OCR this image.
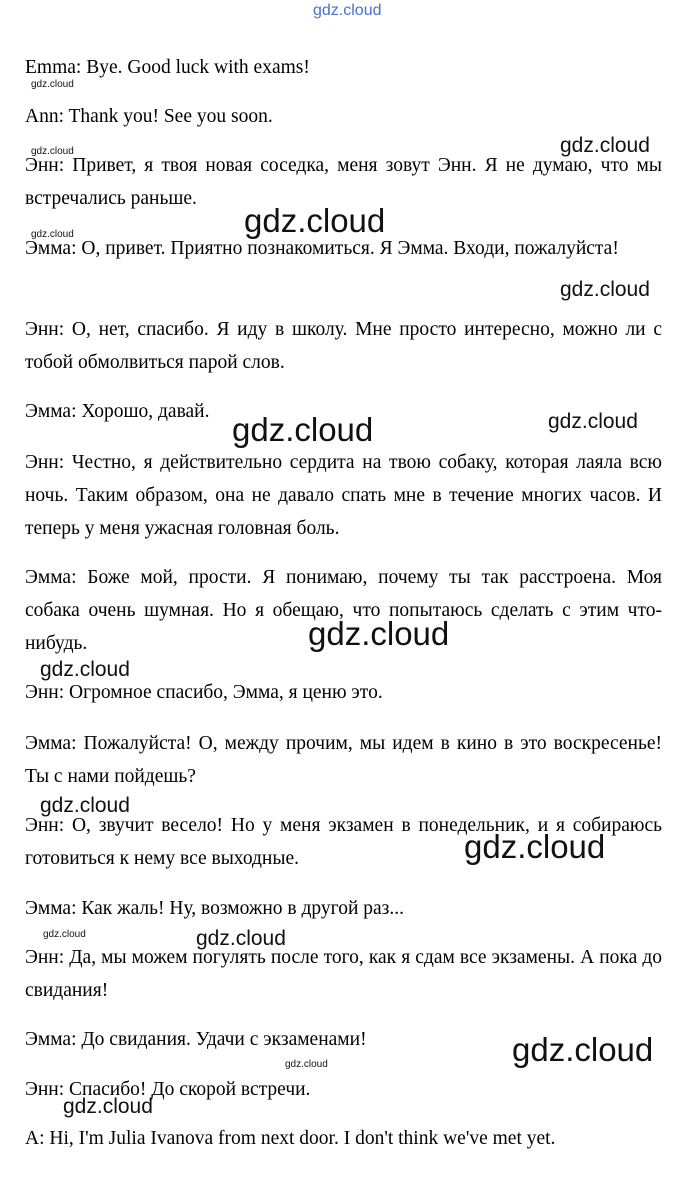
Emma: Bye. Good luck with exams!

Ann: Thank you! See you soon.

Энн: Привет, я твоя новая соседка, меня зовут Энн. Я не думаю, что мы встречались раньше.

Эмма: О, привет. Приятно познакомиться. Я Эмма. Входи, пожалуйста!

Энн: О, нет, спасибо. Я иду в школу. Мне просто интересно, можно ли с тобой обмолвиться парой слов.

Эмма: Хорошо, давай.

Энн: Честно, я действительно сердита на твою собаку, которая лаяла всю ночь. Таким образом, она не давало спать мне в течение многих часов. И теперь у меня ужасная головная боль.

Эмма: Боже мой, прости. Я понимаю, почему ты так расстроена. Моя собака очень шумная. Но я обещаю, что попытаюсь сделать с этим что-нибудь.

Энн: Огромное спасибо, Эмма, я ценю это.

Эмма: Пожалуйста! О, между прочим, мы идем в кино в это воскресенье! Ты с нами пойдешь?

Энн: О, звучит весело! Но у меня экзамен в понедельник, и я собираюсь готовиться к нему все выходные.

Эмма: Как жаль! Ну, возможно в другой раз...

Энн: Да, мы можем погулять после того, как я сдам все экзамены. А пока до свидания!

Эмма: До свидания. Удачи с экзаменами!

Энн: Спасибо! До скорой встречи.

A: Hi, I'm Julia Ivanova from next door. I don't think we've met yet.

gdz.cloud
gdz.cloud
gdz.cloud
gdz.cloud
gdz.cloud
gdz.cloud
gdz.cloud
gdz.cloud
gdz.cloud
gdz.cloud
gdz.cloud
gdz.cloud
gdz.cloud
gdz.cloud	gdz.cloud
gdz.cloud
gdz.cloud
gdz.cloud
